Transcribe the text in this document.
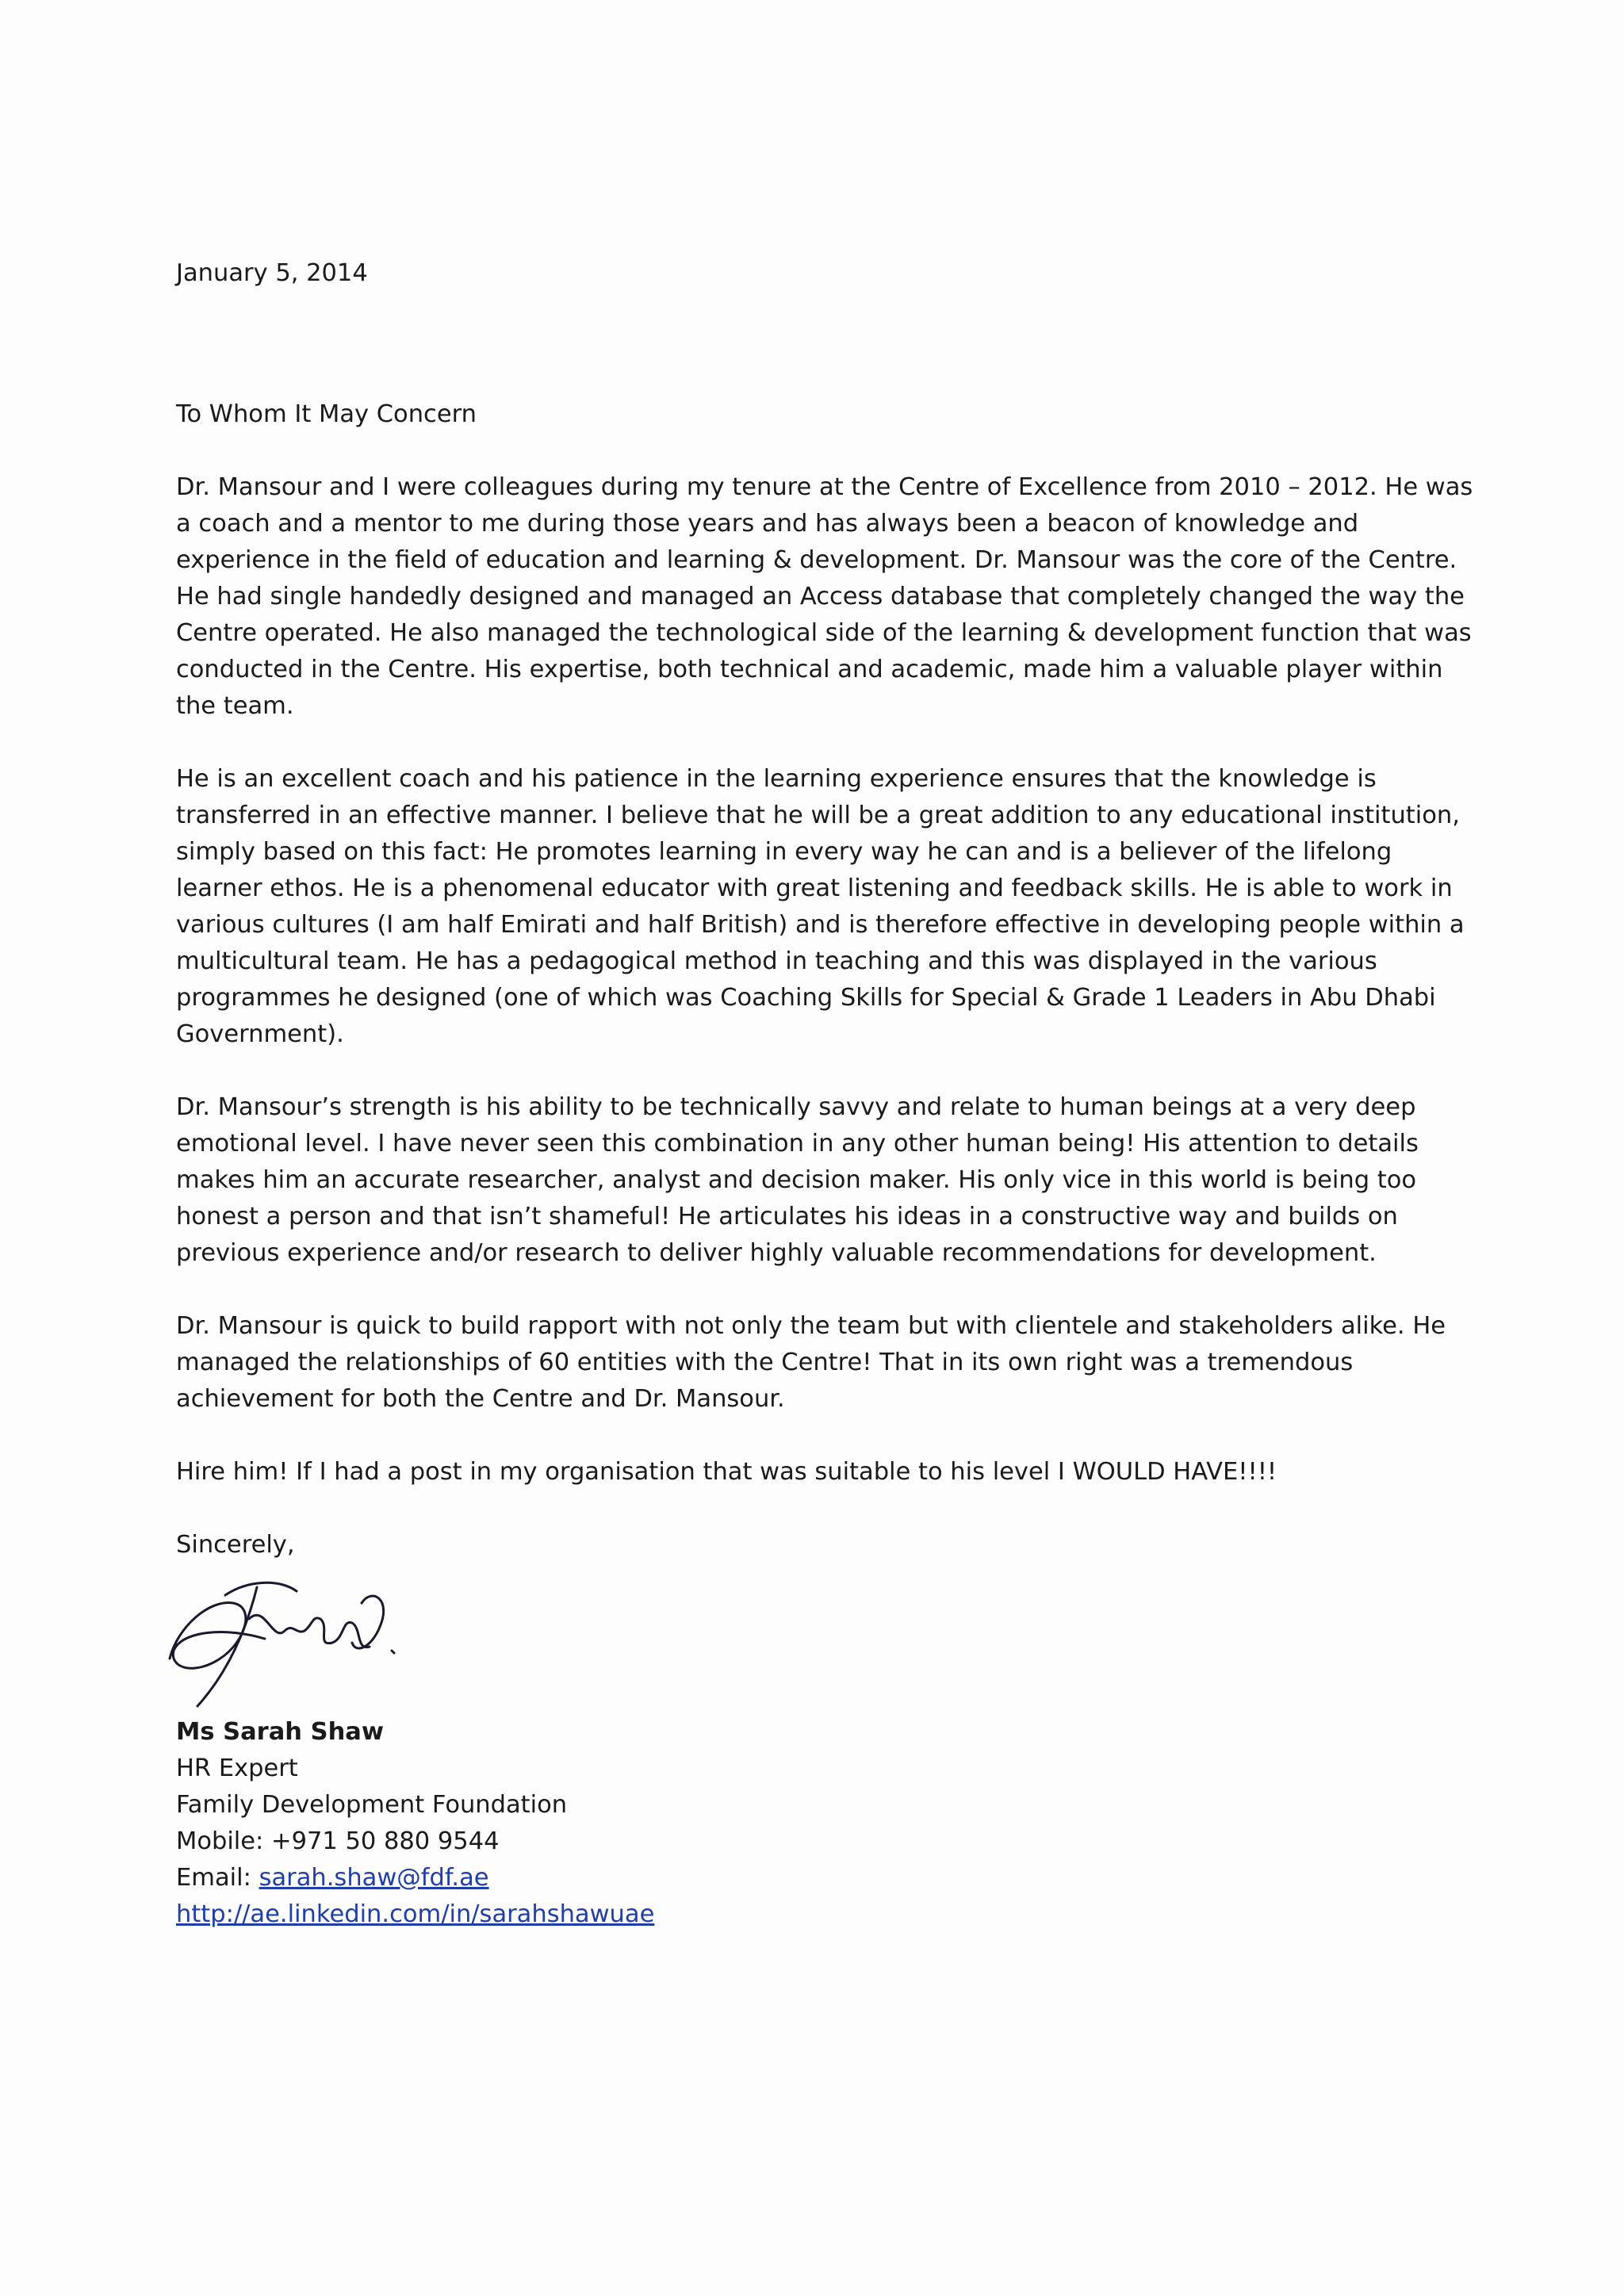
January 5, 2014

To Whom It May Concern

Dr. Mansour and I were colleagues during my tenure at the Centre of Excellence from 2010 – 2012. He was a coach and a mentor to me during those years and has always been a beacon of knowledge and experience in the field of education and learning & development. Dr. Mansour was the core of the Centre. He had single handedly designed and managed an Access database that completely changed the way the Centre operated. He also managed the technological side of the learning & development function that was conducted in the Centre. His expertise, both technical and academic, made him a valuable player within the team.

He is an excellent coach and his patience in the learning experience ensures that the knowledge is transferred in an effective manner. I believe that he will be a great addition to any educational institution, simply based on this fact: He promotes learning in every way he can and is a believer of the lifelong learner ethos. He is a phenomenal educator with great listening and feedback skills. He is able to work in various cultures (I am half Emirati and half British) and is therefore effective in developing people within a multicultural team. He has a pedagogical method in teaching and this was displayed in the various programmes he designed (one of which was Coaching Skills for Special & Grade 1 Leaders in Abu Dhabi Government).

Dr. Mansour’s strength is his ability to be technically savvy and relate to human beings at a very deep emotional level. I have never seen this combination in any other human being! His attention to details makes him an accurate researcher, analyst and decision maker. His only vice in this world is being too honest a person and that isn’t shameful! He articulates his ideas in a constructive way and builds on previous experience and/or research to deliver highly valuable recommendations for development.

Dr. Mansour is quick to build rapport with not only the team but with clientele and stakeholders alike. He managed the relationships of 60 entities with the Centre! That in its own right was a tremendous achievement for both the Centre and Dr. Mansour.

Hire him! If I had a post in my organisation that was suitable to his level I WOULD HAVE!!!!

Sincerely,

Ms Sarah Shaw

HR Expert

Family Development Foundation

Mobile: +971 50 880 9544

Email: sarah.shaw@fdf.ae

http://ae.linkedin.com/in/sarahshawuae
